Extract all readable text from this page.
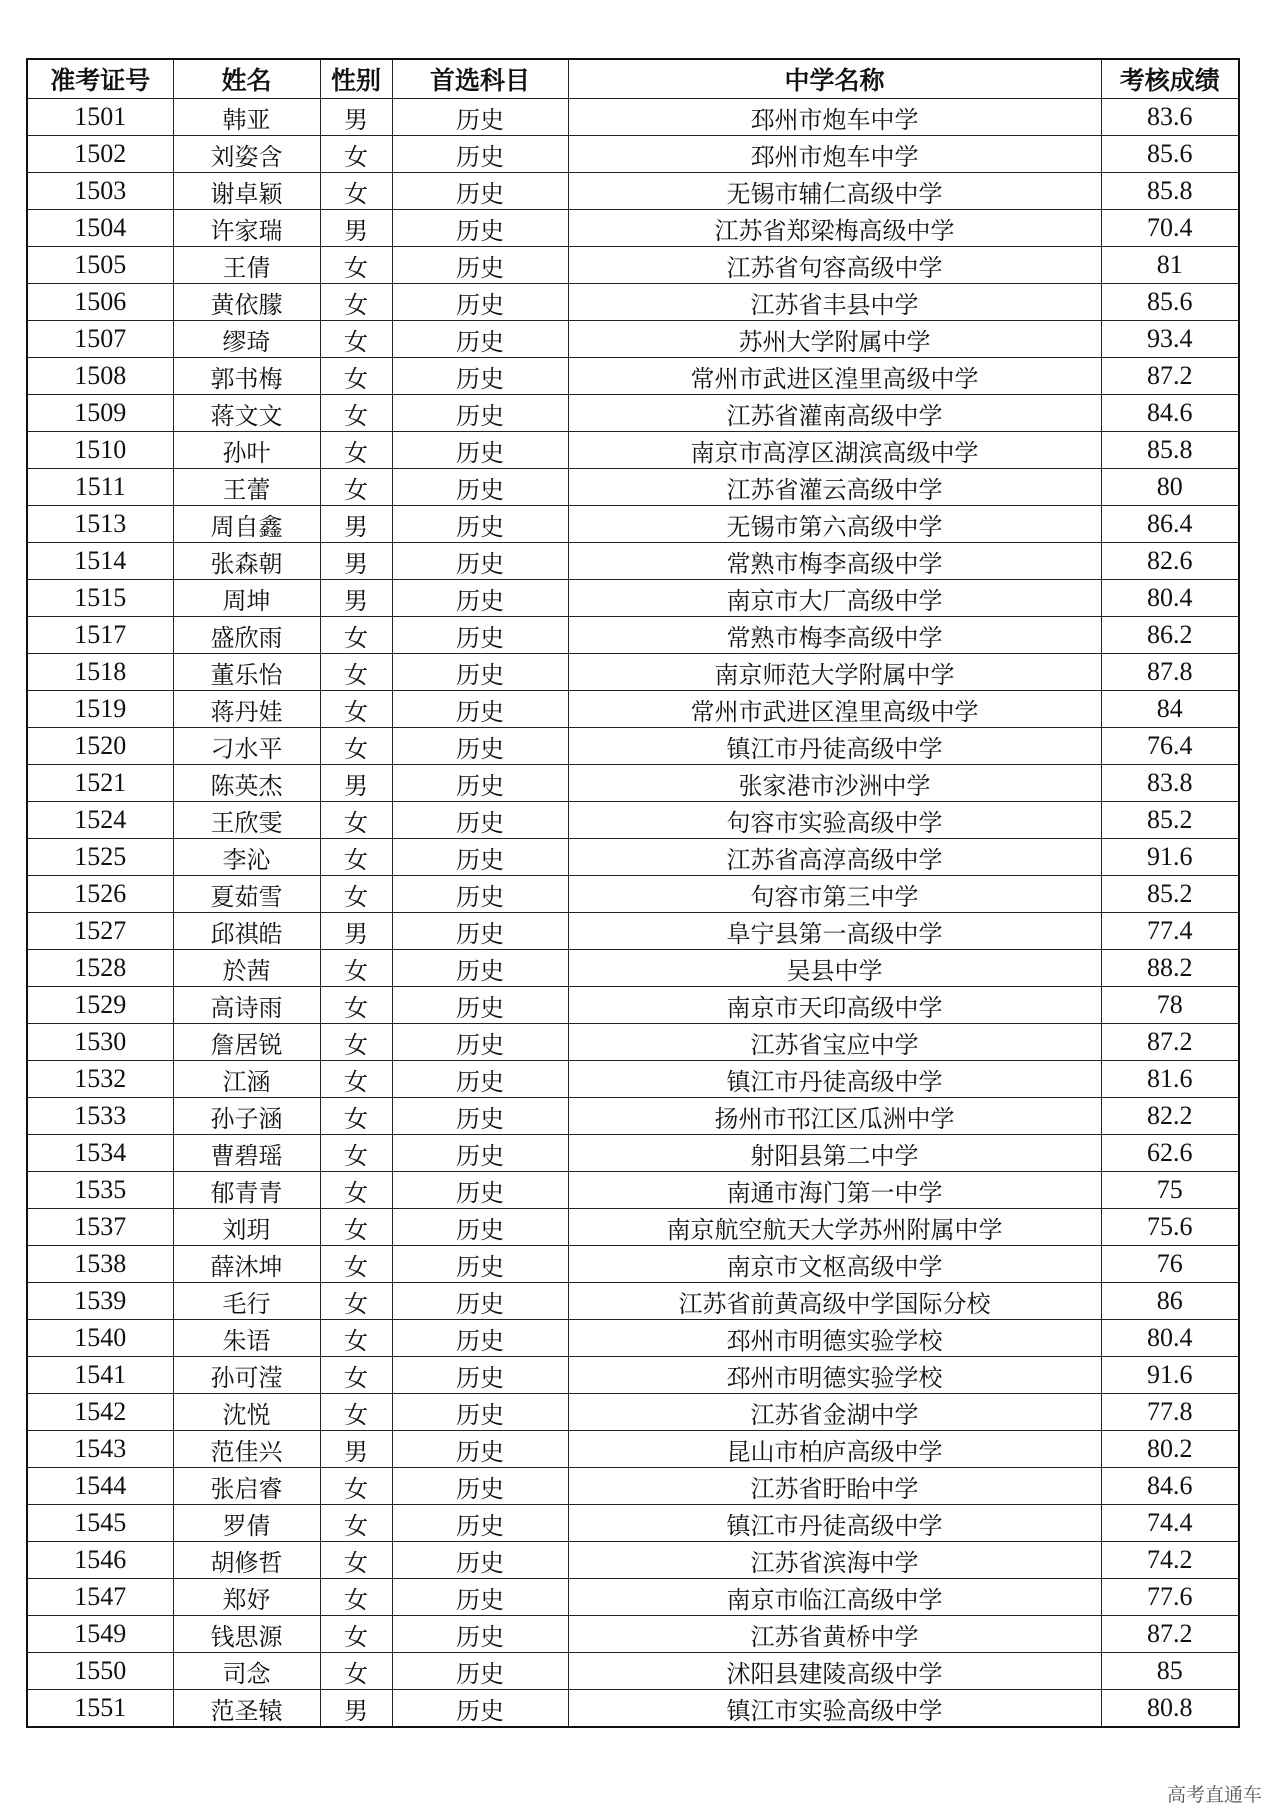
准考证号	姓名	性别	首选科目	中学名称	考核成绩
1501	韩亚	男	历史	邳州市炮车中学	83.6
1502	刘姿含	女	历史	邳州市炮车中学	85.6
1503	谢卓颖	女	历史	无锡市辅仁高级中学	85.8
1504	许家瑞	男	历史	江苏省郑梁梅高级中学	70.4
1505	王倩	女	历史	江苏省句容高级中学	81
1506	黄依朦	女	历史	江苏省丰县中学	85.6
1507	缪琦	女	历史	苏州大学附属中学	93.4
1508	郭书梅	女	历史	常州市武进区湟里高级中学	87.2
1509	蒋文文	女	历史	江苏省灌南高级中学	84.6
1510	孙叶	女	历史	南京市高淳区湖滨高级中学	85.8
1511	王蕾	女	历史	江苏省灌云高级中学	80
1513	周自鑫	男	历史	无锡市第六高级中学	86.4
1514	张森朝	男	历史	常熟市梅李高级中学	82.6
1515	周坤	男	历史	南京市大厂高级中学	80.4
1517	盛欣雨	女	历史	常熟市梅李高级中学	86.2
1518	董乐怡	女	历史	南京师范大学附属中学	87.8
1519	蒋丹娃	女	历史	常州市武进区湟里高级中学	84
1520	刁水平	女	历史	镇江市丹徒高级中学	76.4
1521	陈英杰	男	历史	张家港市沙洲中学	83.8
1524	王欣雯	女	历史	句容市实验高级中学	85.2
1525	李沁	女	历史	江苏省高淳高级中学	91.6
1526	夏茹雪	女	历史	句容市第三中学	85.2
1527	邱祺皓	男	历史	阜宁县第一高级中学	77.4
1528	於茜	女	历史	吴县中学	88.2
1529	高诗雨	女	历史	南京市天印高级中学	78
1530	詹居锐	女	历史	江苏省宝应中学	87.2
1532	江涵	女	历史	镇江市丹徒高级中学	81.6
1533	孙子涵	女	历史	扬州市邗江区瓜洲中学	82.2
1534	曹碧瑶	女	历史	射阳县第二中学	62.6
1535	郁青青	女	历史	南通市海门第一中学	75
1537	刘玥	女	历史	南京航空航天大学苏州附属中学	75.6
1538	薛沐坤	女	历史	南京市文枢高级中学	76
1539	毛行	女	历史	江苏省前黄高级中学国际分校	86
1540	朱语	女	历史	邳州市明德实验学校	80.4
1541	孙可滢	女	历史	邳州市明德实验学校	91.6
1542	沈悦	女	历史	江苏省金湖中学	77.8
1543	范佳兴	男	历史	昆山市柏庐高级中学	80.2
1544	张启睿	女	历史	江苏省盱眙中学	84.6
1545	罗倩	女	历史	镇江市丹徒高级中学	74.4
1546	胡修哲	女	历史	江苏省滨海中学	74.2
1547	郑妤	女	历史	南京市临江高级中学	77.6
1549	钱思源	女	历史	江苏省黄桥中学	87.2
1550	司念	女	历史	沭阳县建陵高级中学	85
1551	范圣辕	男	历史	镇江市实验高级中学	80.8
高考直通车
